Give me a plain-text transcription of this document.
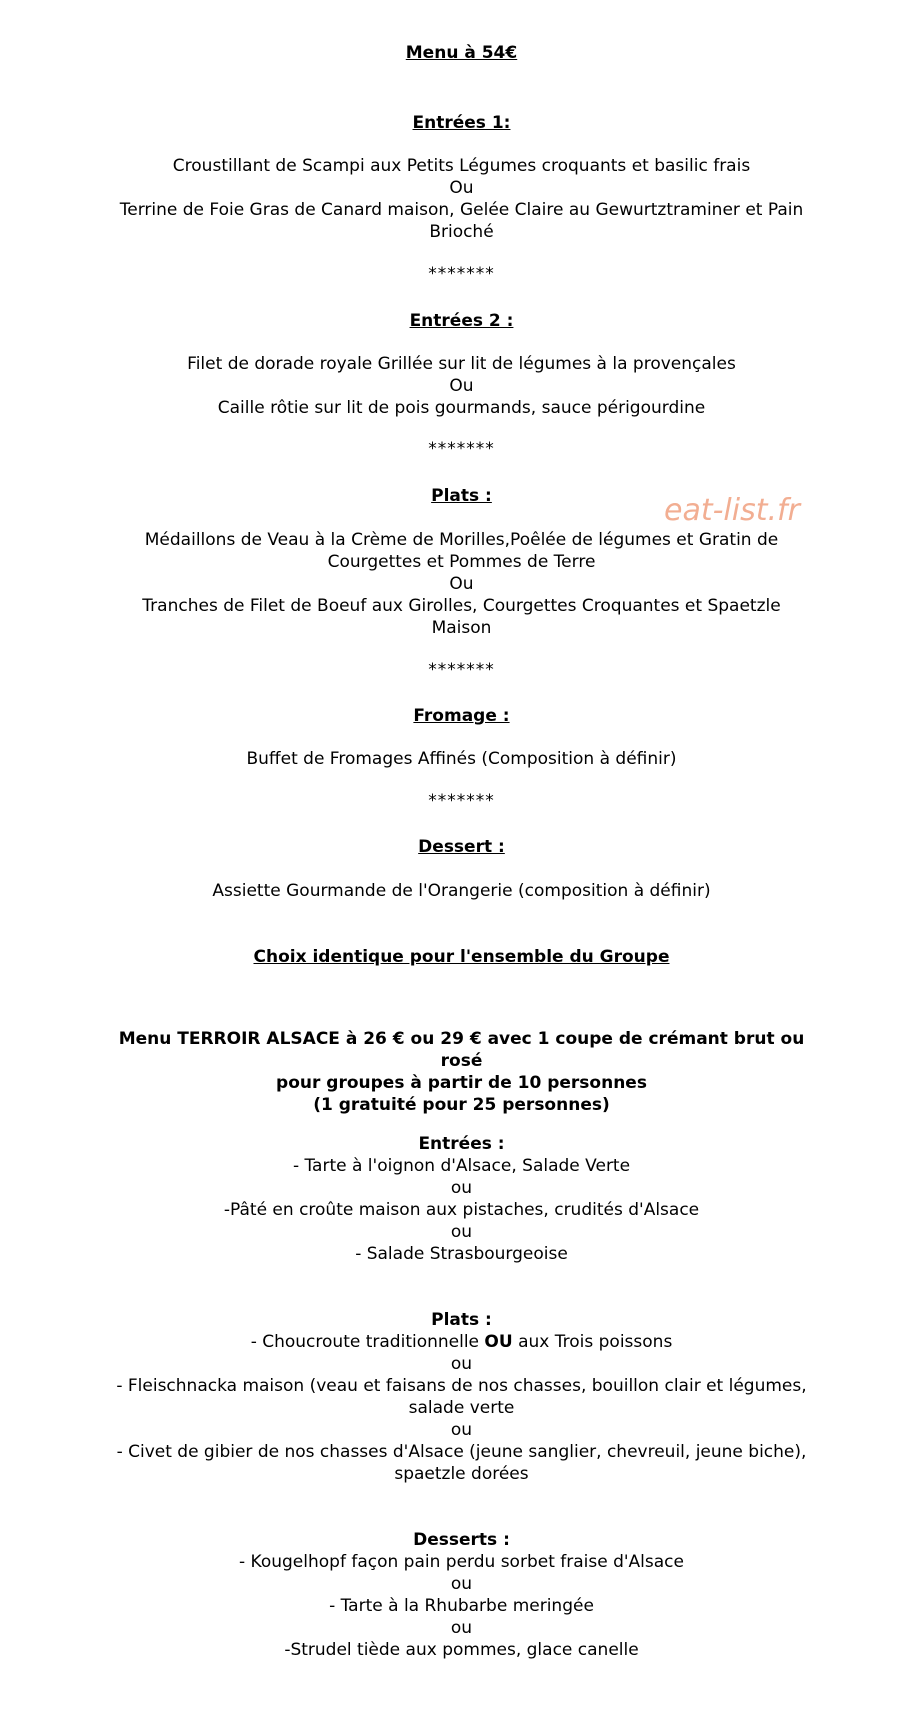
Menu à 54€

Entrées 1:

Croustillant de Scampi aux Petits Légumes croquants et basilic frais

Ou

Terrine de Foie Gras de Canard maison, Gelée Claire au Gewurtztraminer et Pain

Brioché

*******

Entrées 2 :

Filet de dorade royale Grillée sur lit de légumes à la provençales

Ou

Caille rôtie sur lit de pois gourmands, sauce périgourdine

*******

Plats :	eat-list.fr

Médaillons de Veau à la Crème de Morilles,Poêlée de légumes et Gratin de

Courgettes et Pommes de Terre

Ou

Tranches de Filet de Boeuf aux Girolles, Courgettes Croquantes et Spaetzle

Maison

*******

Fromage :

Buffet de Fromages Affinés (Composition à définir)

*******

Dessert :

Assiette Gourmande de l'Orangerie (composition à définir)

Choix identique pour l'ensemble du Groupe

Menu TERROIR ALSACE à 26 € ou 29 € avec 1 coupe de crémant brut ou

rosé

pour groupes à partir de 10 personnes

(1 gratuité pour 25 personnes)

Entrées :

- Tarte à l'oignon d'Alsace, Salade Verte

ou

-Pâté en croûte maison aux pistaches, crudités d'Alsace

ou

- Salade Strasbourgeoise

Plats :

- Choucroute traditionnelle OU aux Trois poissons

ou

- Fleischnacka maison (veau et faisans de nos chasses, bouillon clair et légumes,

salade verte

ou

- Civet de gibier de nos chasses d'Alsace (jeune sanglier, chevreuil, jeune biche),

spaetzle dorées

Desserts :

- Kougelhopf façon pain perdu sorbet fraise d'Alsace

ou

- Tarte à la Rhubarbe meringée

ou

-Strudel tiède aux pommes, glace canelle
